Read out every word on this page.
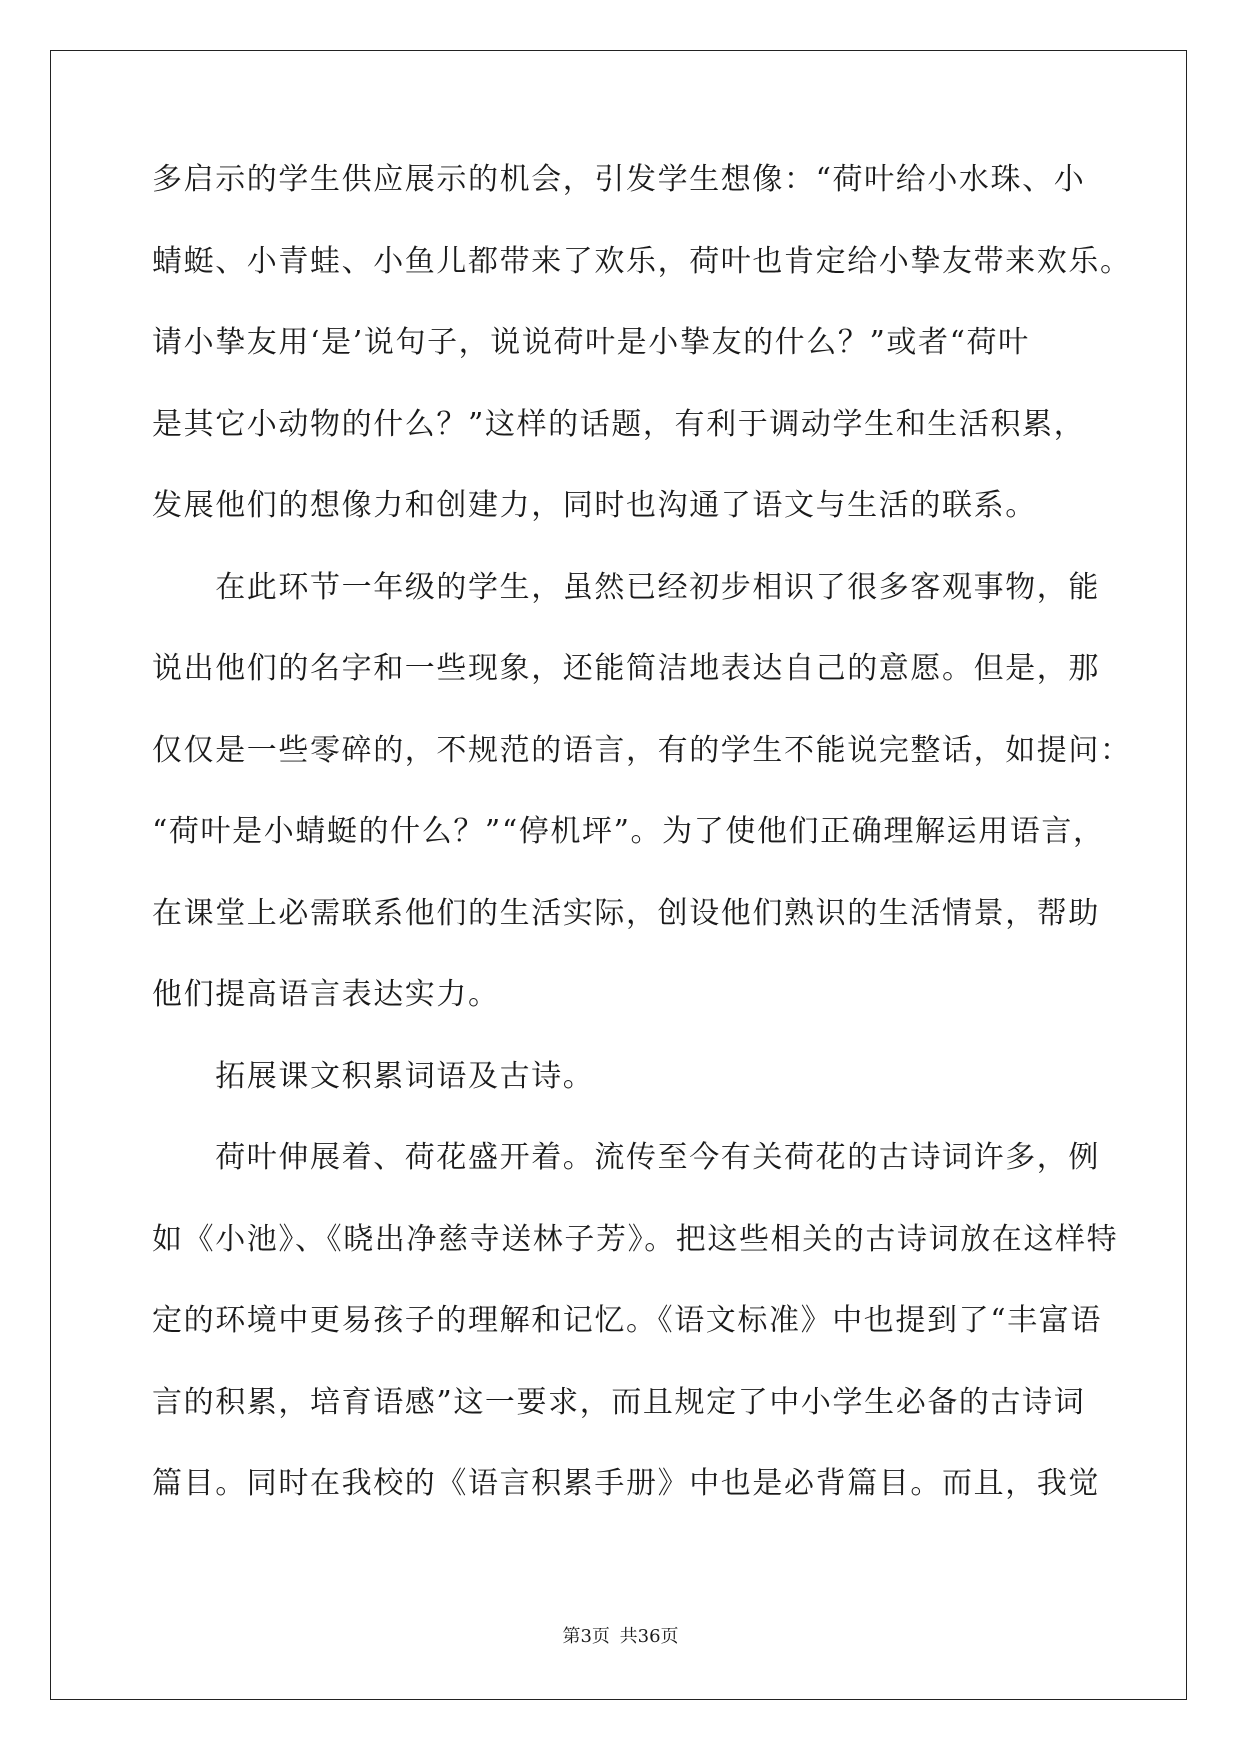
多启示的学生供应展示的机会，引发学生想像：“荷叶给小水珠、小
蜻蜓、小青蛙、小鱼儿都带来了欢乐，荷叶也肯定给小挚友带来欢乐。
请小挚友用‘是’说句子，说说荷叶是小挚友的什么？”或者“荷叶
是其它小动物的什么？”这样的话题，有利于调动学生和生活积累，
发展他们的想像力和创建力，同时也沟通了语文与生活的联系。
　　在此环节一年级的学生，虽然已经初步相识了很多客观事物，能
说出他们的名字和一些现象，还能简洁地表达自己的意愿。但是，那
仅仅是一些零碎的，不规范的语言，有的学生不能说完整话，如提问：
“荷叶是小蜻蜓的什么？”“停机坪”。为了使他们正确理解运用语言，
在课堂上必需联系他们的生活实际，创设他们熟识的生活情景，帮助
他们提高语言表达实力。
　　拓展课文积累词语及古诗。
　　荷叶伸展着、荷花盛开着。流传至今有关荷花的古诗词许多，例
如《小池》、《晓出净慈寺送林子芳》。把这些相关的古诗词放在这样特
定的环境中更易孩子的理解和记忆。《语文标准》中也提到了“丰富语
言的积累，培育语感”这一要求，而且规定了中小学生必备的古诗词
篇目。同时在我校的《语言积累手册》中也是必背篇目。而且，我觉
第3页 共36页
